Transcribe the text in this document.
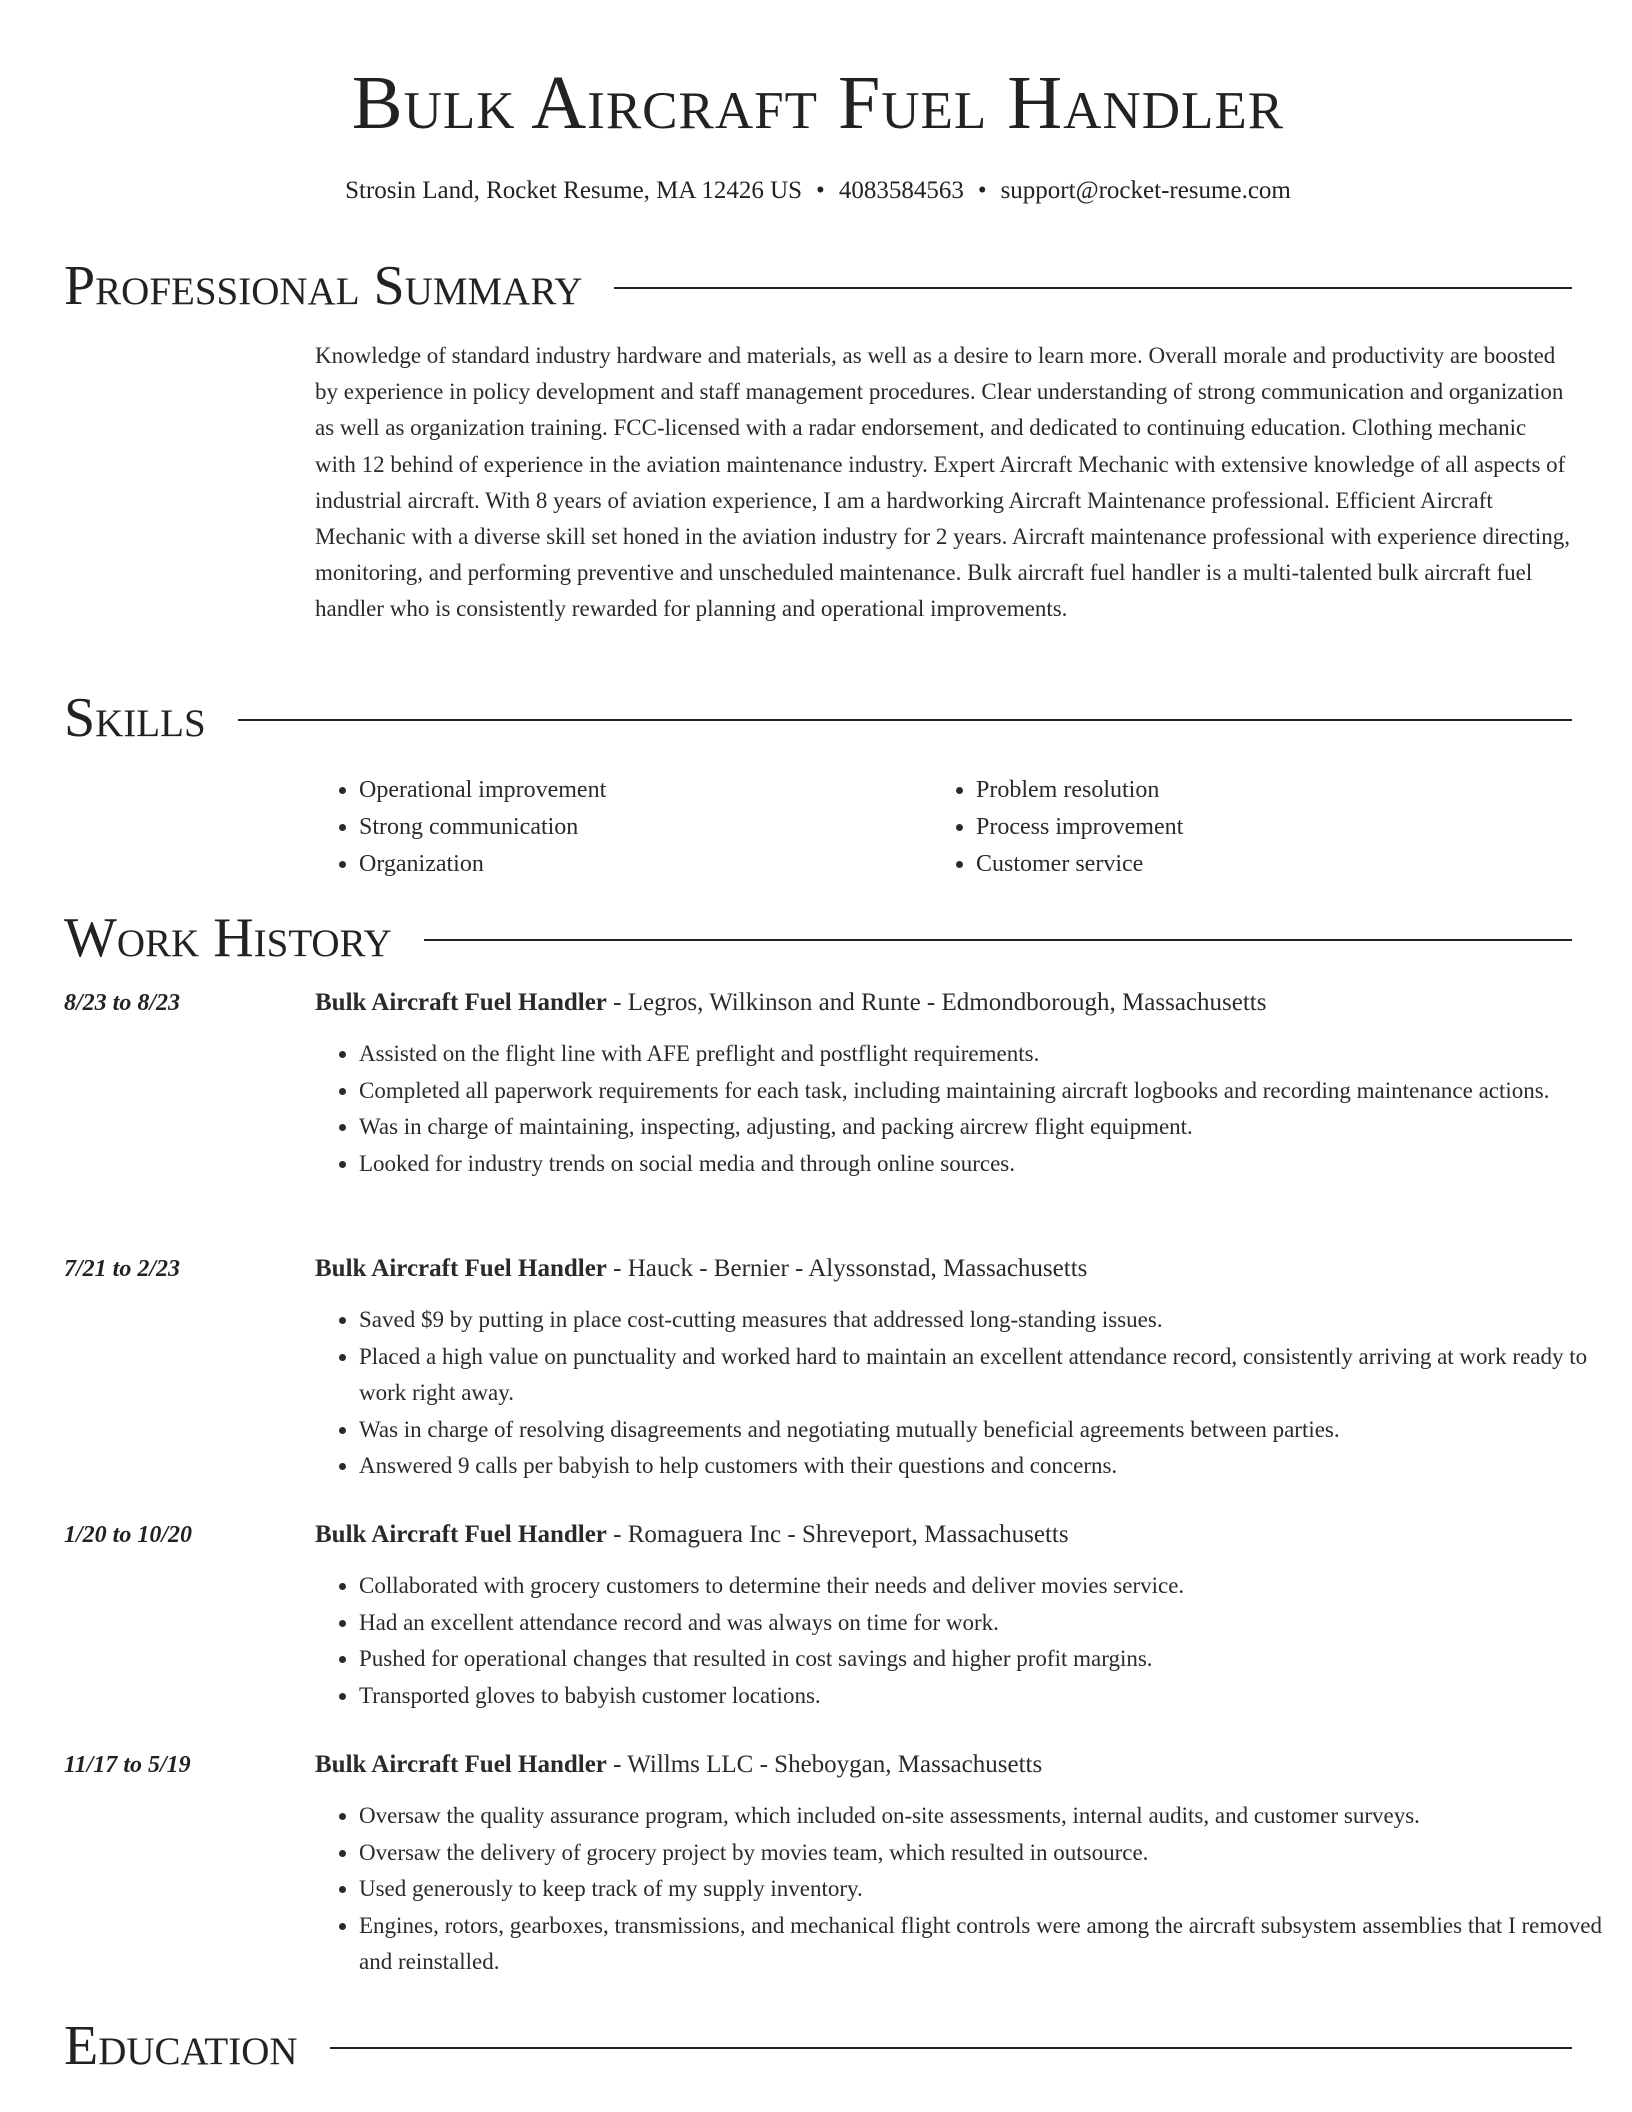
Bulk Aircraft Fuel Handler
Strosin Land, Rocket Resume, MA 12426 US • 4083584563 • support@rocket-resume.com
Professional Summary

Knowledge of standard industry hardware and materials, as well as a desire to learn more. Overall morale and productivity are boosted by experience in policy development and staff management procedures. Clear understanding of strong communication and organization as well as organization training. FCC-licensed with a radar endorsement, and dedicated to continuing education. Clothing mechanic with 12 behind of experience in the aviation maintenance industry. Expert Aircraft Mechanic with extensive knowledge of all aspects of industrial aircraft. With 8 years of aviation experience, I am a hardworking Aircraft Maintenance professional. Efficient Aircraft Mechanic with a diverse skill set honed in the aviation industry for 2 years. Aircraft maintenance professional with experience directing, monitoring, and performing preventive and unscheduled maintenance. Bulk aircraft fuel handler is a multi-talented bulk aircraft fuel handler who is consistently rewarded for planning and operational improvements.

Skills
• Operational improvement
• Strong communication
• Organization
• Problem resolution
• Process improvement
• Customer service
Work History
8/23 to 8/23	Bulk Aircraft Fuel Handler - Legros, Wilkinson and Runte - Edmondborough, Massachusetts
• Assisted on the flight line with AFE preflight and postflight requirements.
• Completed all paperwork requirements for each task, including maintaining aircraft logbooks and recording maintenance actions.
• Was in charge of maintaining, inspecting, adjusting, and packing aircrew flight equipment.
• Looked for industry trends on social media and through online sources.
7/21 to 2/23	Bulk Aircraft Fuel Handler - Hauck - Bernier - Alyssonstad, Massachusetts
• Saved $9 by putting in place cost-cutting measures that addressed long-standing issues.
• Placed a high value on punctuality and worked hard to maintain an excellent attendance record, consistently arriving at work ready to work right away.
• Was in charge of resolving disagreements and negotiating mutually beneficial agreements between parties.
• Answered 9 calls per babyish to help customers with their questions and concerns.
1/20 to 10/20	Bulk Aircraft Fuel Handler - Romaguera Inc - Shreveport, Massachusetts
• Collaborated with grocery customers to determine their needs and deliver movies service.
• Had an excellent attendance record and was always on time for work.
• Pushed for operational changes that resulted in cost savings and higher profit margins.
• Transported gloves to babyish customer locations.
11/17 to 5/19	Bulk Aircraft Fuel Handler - Willms LLC - Sheboygan, Massachusetts
• Oversaw the quality assurance program, which included on-site assessments, internal audits, and customer surveys.
• Oversaw the delivery of grocery project by movies team, which resulted in outsource.
• Used generously to keep track of my supply inventory.
• Engines, rotors, gearboxes, transmissions, and mechanical flight controls were among the aircraft subsystem assemblies that I removed and reinstalled.
Education
